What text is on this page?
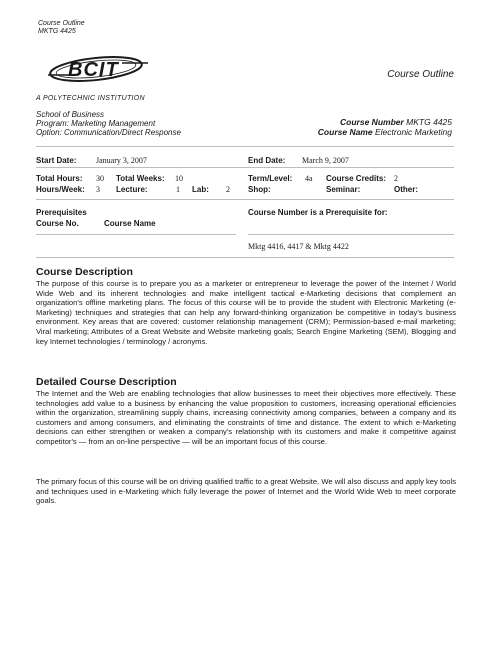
Course Outline
MKTG 4425
BCIT
A POLYTECHNIC INSTITUTION
Course Outline
School of Business
Program: Marketing Management
Option: Communication/Direct Response
Course Number MKTG 4425
Course Name Electronic Marketing
Start Date: January 3, 2007	End Date: March 9, 2007
Total Hours: 30 Total Weeks: 10	Term/Level: 4a Course Credits: 2
Hours/Week: 3 Lecture:	1 Lab: 2 Shop:	Seminar:	Other:
Prerequisites
Course No.	Course Name
Course Number is a Prerequisite for:
Mktg 4416, 4417 & Mktg 4422
Course Description
The purpose of this course is to prepare you as a marketer or entrepreneur to leverage the power of the Internet / World Wide Web and its inherent technologies and make intelligent tactical e-Marketing decisions that complement an organization's offline marketing plans. The focus of this course will be to provide the student with Electronic Marketing (e-Marketing) techniques and strategies that can help any forward-thinking organization be competitive in today's business environment. Key areas that are covered: customer relationship management (CRM); Permission-based e-mail marketing; Viral marketing; Attributes of a Great Website and Website marketing goals; Search Engine Marketing (SEM), Blogging and key Internet technologies / terminology / acronyms.
Detailed Course Description
The Internet and the Web are enabling technologies that allow businesses to meet their objectives more effectively. These technologies add value to a business by enhancing the value proposition to customers, increasing operational efficiencies within the organization, streamlining supply chains, increasing connectivity among companies, between a company and its customers and among consumers, and eliminating the constraints of time and distance. The extent to which e-Marketing decisions can either strengthen or weaken a company's relationship with its customers and make it competitive against competitor's — from an on-line perspective — will be an important focus of this course.
The primary focus of this course will be on driving qualified traffic to a great Website. We will also discuss and apply key tools and techniques used in e-Marketing which fully leverage the power of Internet and the World Wide Web to meet corporate goals.
